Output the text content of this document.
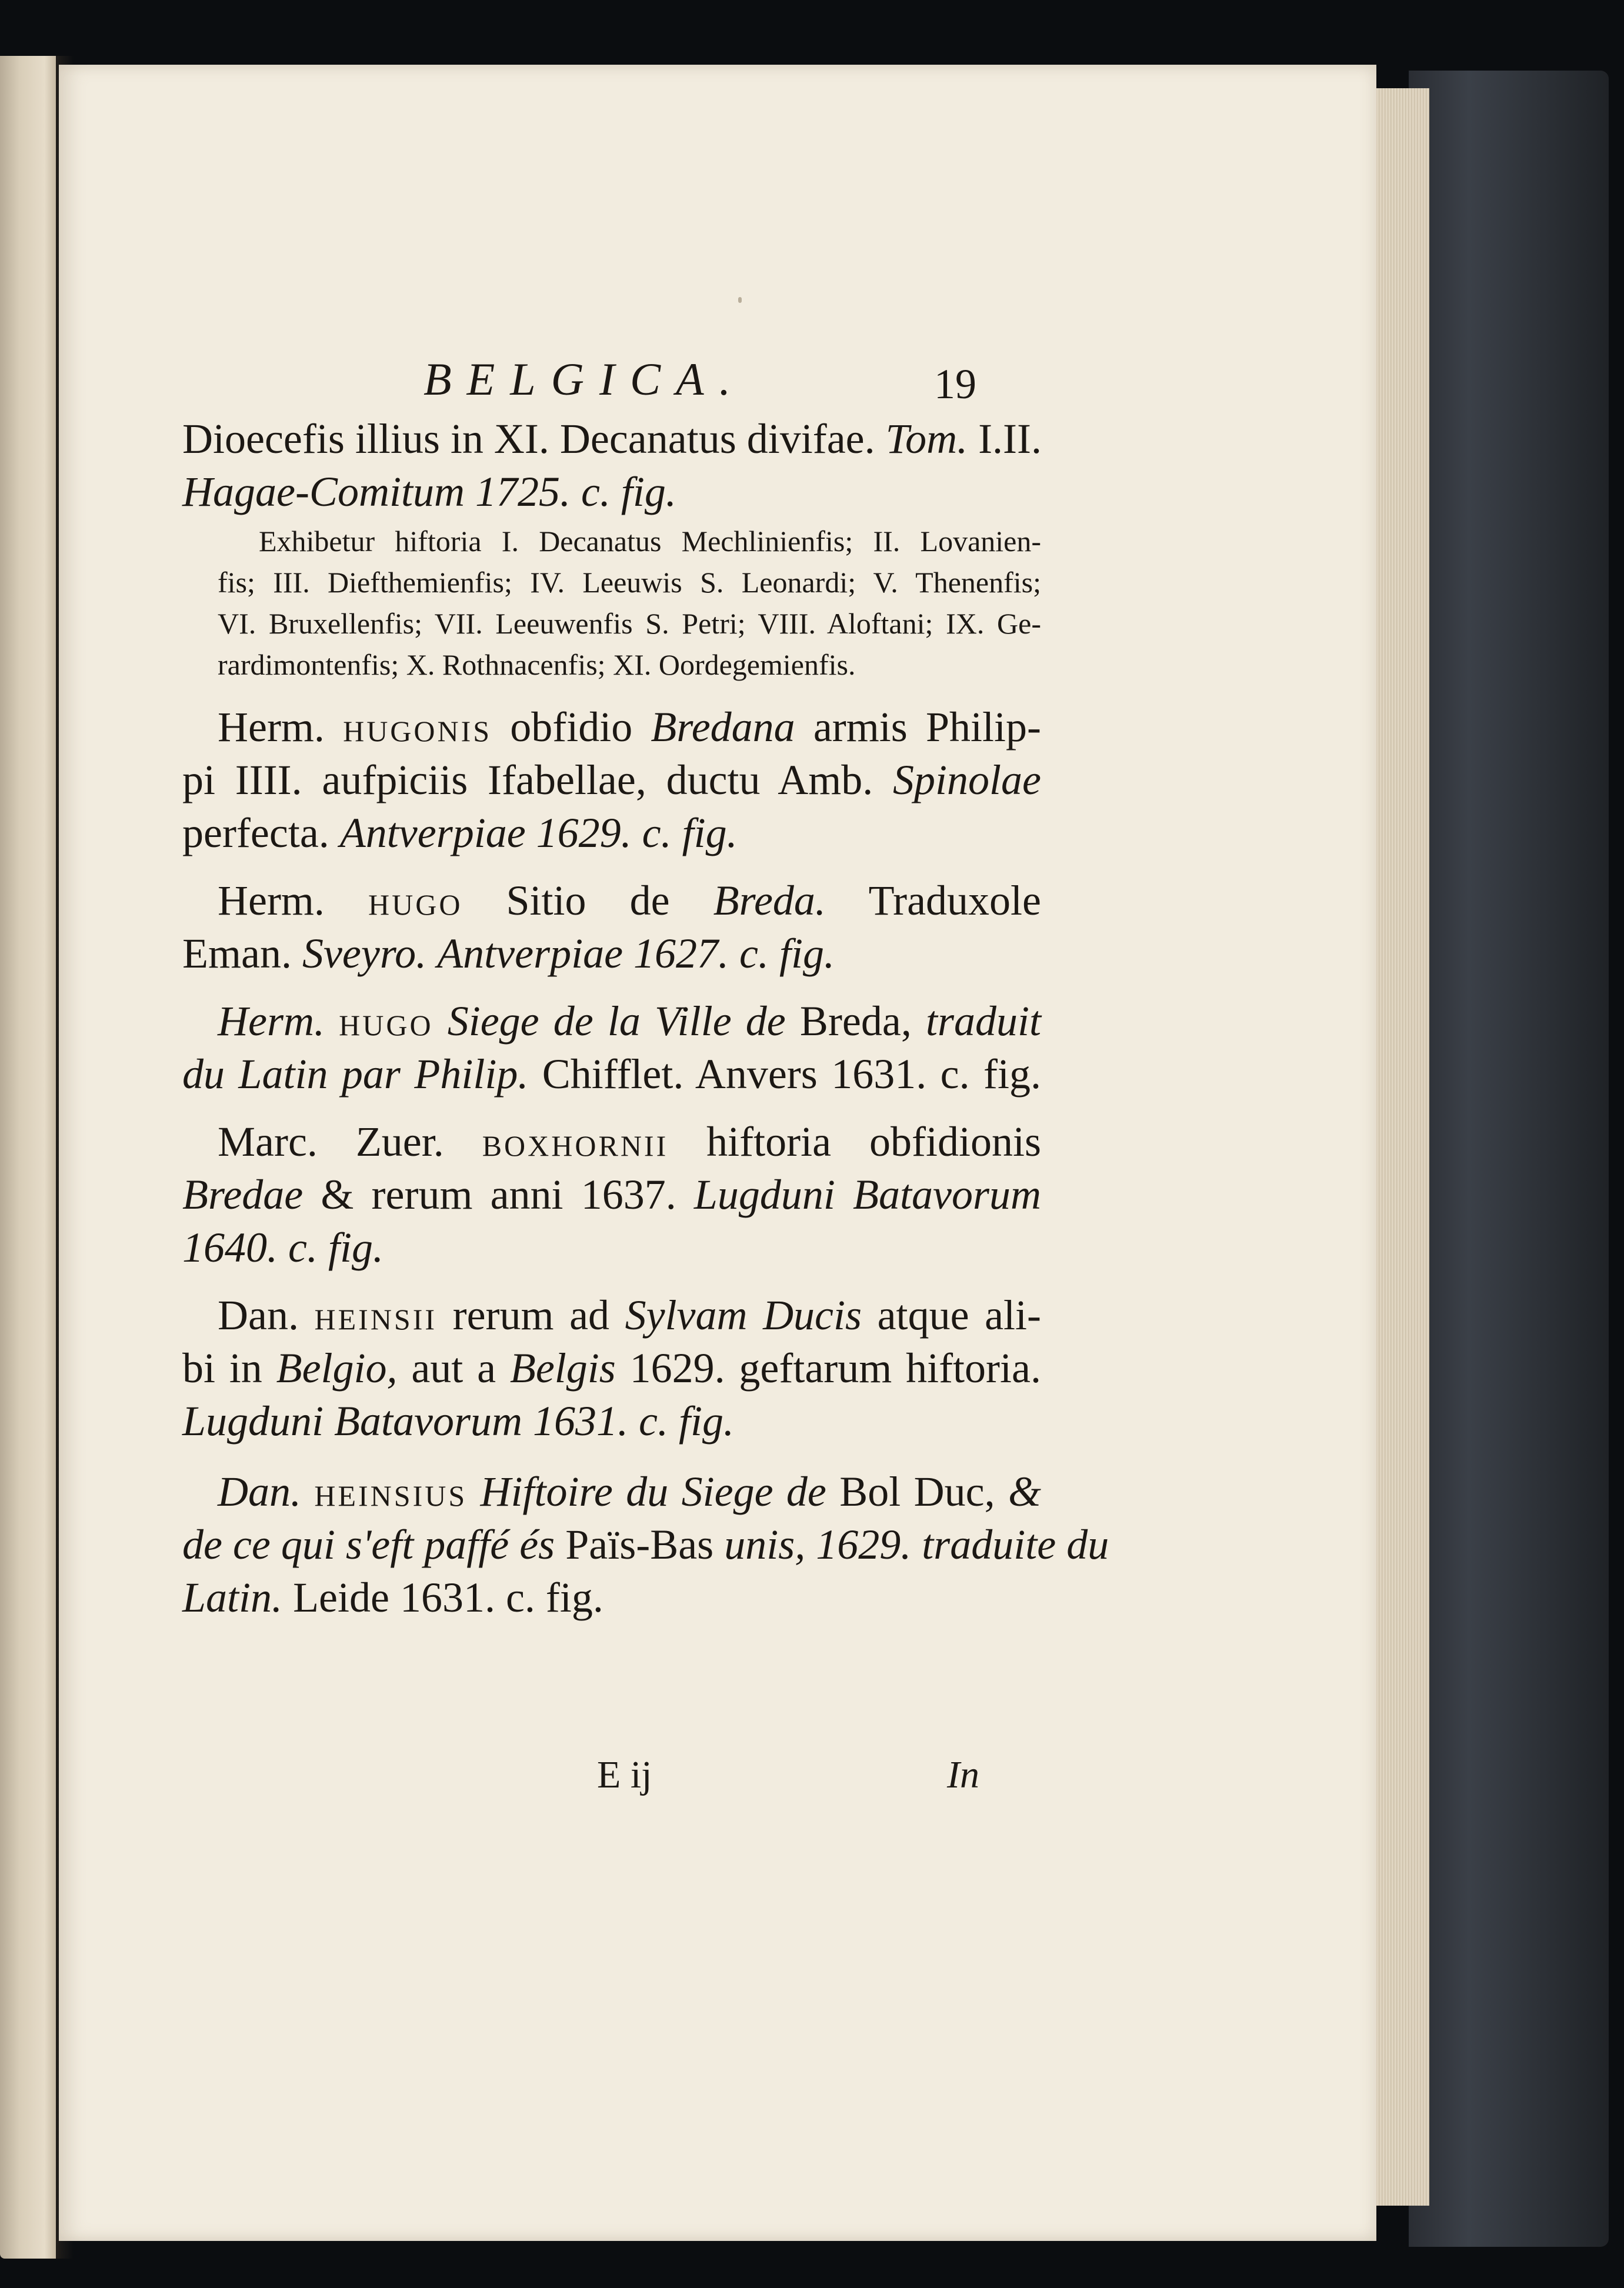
BELGICA.	19
Dioecefis illius in XI. Decanatus divifae. Tom. I.II.
Hagae-Comitum 1725. c. fig.
Exhibetur hiftoria I. Decanatus Mechlinienfis; II. Lovanien-
fis; III. Diefthemienfis; IV. Leeuwis S. Leonardi; V. Thenenfis;
VI. Bruxellenfis; VII. Leeuwenfis S. Petri; VIII. Aloftani; IX. Ge-
rardimontenfis; X. Rothnacenfis; XI. Oordegemienfis.
Herm. hugonis obfidio Bredana armis Philip-
pi IIII. aufpiciis Ifabellae, ductu Amb. Spinolae
perfecta. Antverpiae 1629. c. fig.
Herm. hugo Sitio de Breda. Traduxole
Eman. Sveyro. Antverpiae 1627. c. fig.
Herm. hugo Siege de la Ville de Breda, traduit
du Latin par Philip. Chifflet. Anvers 1631. c. fig.
Marc. Zuer. boxhornii hiftoria obfidionis
Bredae & rerum anni 1637. Lugduni Batavorum
1640. c. fig.
Dan. heinsii rerum ad Sylvam Ducis atque ali-
bi in Belgio, aut a Belgis 1629. geftarum hiftoria.
Lugduni Batavorum 1631. c. fig.
Dan. heinsius Hiftoire du Siege de Bol Duc, &
de ce qui s'eft paffé és Païs-Bas unis, 1629. traduite du
Latin. Leide 1631. c. fig.
E ij	In
